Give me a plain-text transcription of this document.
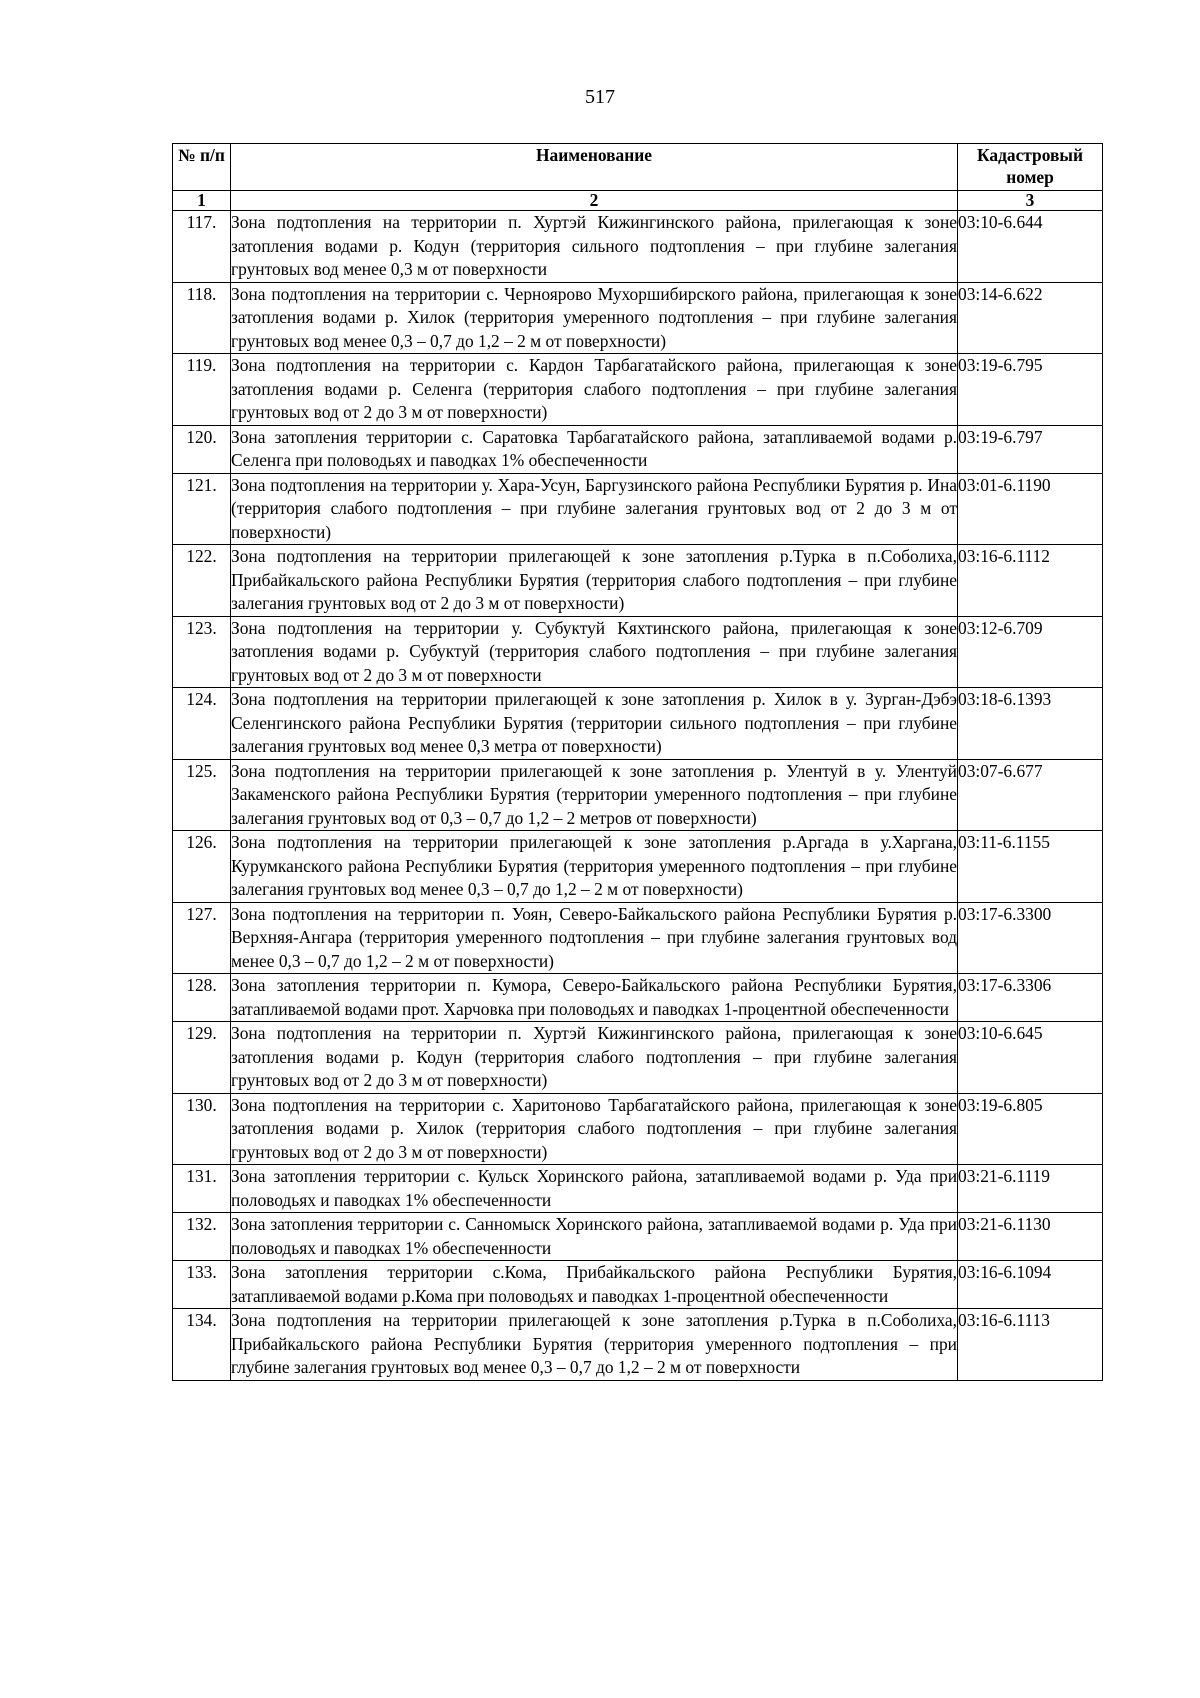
517
№ п/п	Наименование	Кадастровый номер
1	2	3
117.	Зона подтопления на территории п. Хуртэй Кижингинского района, прилегающая к зоне затопления водами р. Кодун (территория сильного подтопления – при глубине залегания грунтовых вод менее 0,3 м от поверхности	03:10-6.644
118.	Зона подтопления на территории с. Черноярово Мухоршибирского района, прилегающая к зоне затопления водами р. Хилок (территория умеренного подтопления – при глубине залегания грунтовых вод менее 0,3 – 0,7 до 1,2 – 2 м от поверхности)	03:14-6.622
119.	Зона подтопления на территории с. Кардон Тарбагатайского района, прилегающая к зоне затопления водами р. Селенга (территория слабого подтопления – при глубине залегания грунтовых вод от 2 до 3 м от поверхности)	03:19-6.795
120.	Зона затопления территории с. Саратовка Тарбагатайского района, затапливаемой водами р. Селенга при половодьях и паводках 1% обеспеченности	03:19-6.797
121.	Зона подтопления на территории у. Хара-Усун, Баргузинского района Республики Бурятия р. Ина (территория слабого подтопления – при глубине залегания грунтовых вод от 2 до 3 м от поверхности)	03:01-6.1190
122.	Зона подтопления на территории прилегающей к зоне затопления р.Турка в п.Соболиха, Прибайкальского района Республики Бурятия (территория слабого подтопления – при глубине залегания грунтовых вод от 2 до 3 м от поверхности)	03:16-6.1112
123.	Зона подтопления на территории у. Субуктуй Кяхтинского района, прилегающая к зоне затопления водами р. Субуктуй (территория слабого подтопления – при глубине залегания грунтовых вод от 2 до 3 м от поверхности	03:12-6.709
124.	Зона подтопления на территории прилегающей к зоне затопления р. Хилок в у. Зурган-Дэбэ Селенгинского района Республики Бурятия (территории сильного подтопления – при глубине залегания грунтовых вод менее 0,3 метра от поверхности)	03:18-6.1393
125.	Зона подтопления на территории прилегающей к зоне затопления р. Улентуй в у. Улентуй Закаменского района Республики Бурятия (территории умеренного подтопления – при глубине залегания грунтовых вод от 0,3 – 0,7 до 1,2 – 2 метров от поверхности)	03:07-6.677
126.	Зона подтопления на территории прилегающей к зоне затопления р.Аргада в у.Харгана, Курумканского района Республики Бурятия (территория умеренного подтопления – при глубине залегания грунтовых вод менее 0,3 – 0,7 до 1,2 – 2 м от поверхности)	03:11-6.1155
127.	Зона подтопления на территории п. Уоян, Северо-Байкальского района Республики Бурятия р. Верхняя-Ангара (территория умеренного подтопления – при глубине залегания грунтовых вод менее 0,3 – 0,7 до 1,2 – 2 м от поверхности)	03:17-6.3300
128.	Зона затопления территории п. Кумора, Северо-Байкальского района Республики Бурятия, затапливаемой водами прот. Харчовка при половодьях и паводках 1-процентной обеспеченности	03:17-6.3306
129.	Зона подтопления на территории п. Хуртэй Кижингинского района, прилегающая к зоне затопления водами р. Кодун (территория слабого подтопления – при глубине залегания грунтовых вод от 2 до 3 м от поверхности)	03:10-6.645
130.	Зона подтопления на территории с. Харитоново Тарбагатайского района, прилегающая к зоне затопления водами р. Хилок (территория слабого подтопления – при глубине залегания грунтовых вод от 2 до 3 м от поверхности)	03:19-6.805
131.	Зона затопления территории с. Кульск Хоринского района, затапливаемой водами р. Уда при половодьях и паводках 1% обеспеченности	03:21-6.1119
132.	Зона затопления территории с. Санномыск Хоринского района, затапливаемой водами р. Уда при половодьях и паводках 1% обеспеченности	03:21-6.1130
133.	Зона затопления территории с.Кома, Прибайкальского района Республики Бурятия, затапливаемой водами р.Кома при половодьях и паводках 1-процентной обеспеченности	03:16-6.1094
134.	Зона подтопления на территории прилегающей к зоне затопления р.Турка в п.Соболиха, Прибайкальского района Республики Бурятия (территория умеренного подтопления – при глубине залегания грунтовых вод менее 0,3 – 0,7 до 1,2 – 2 м от поверхности	03:16-6.1113
